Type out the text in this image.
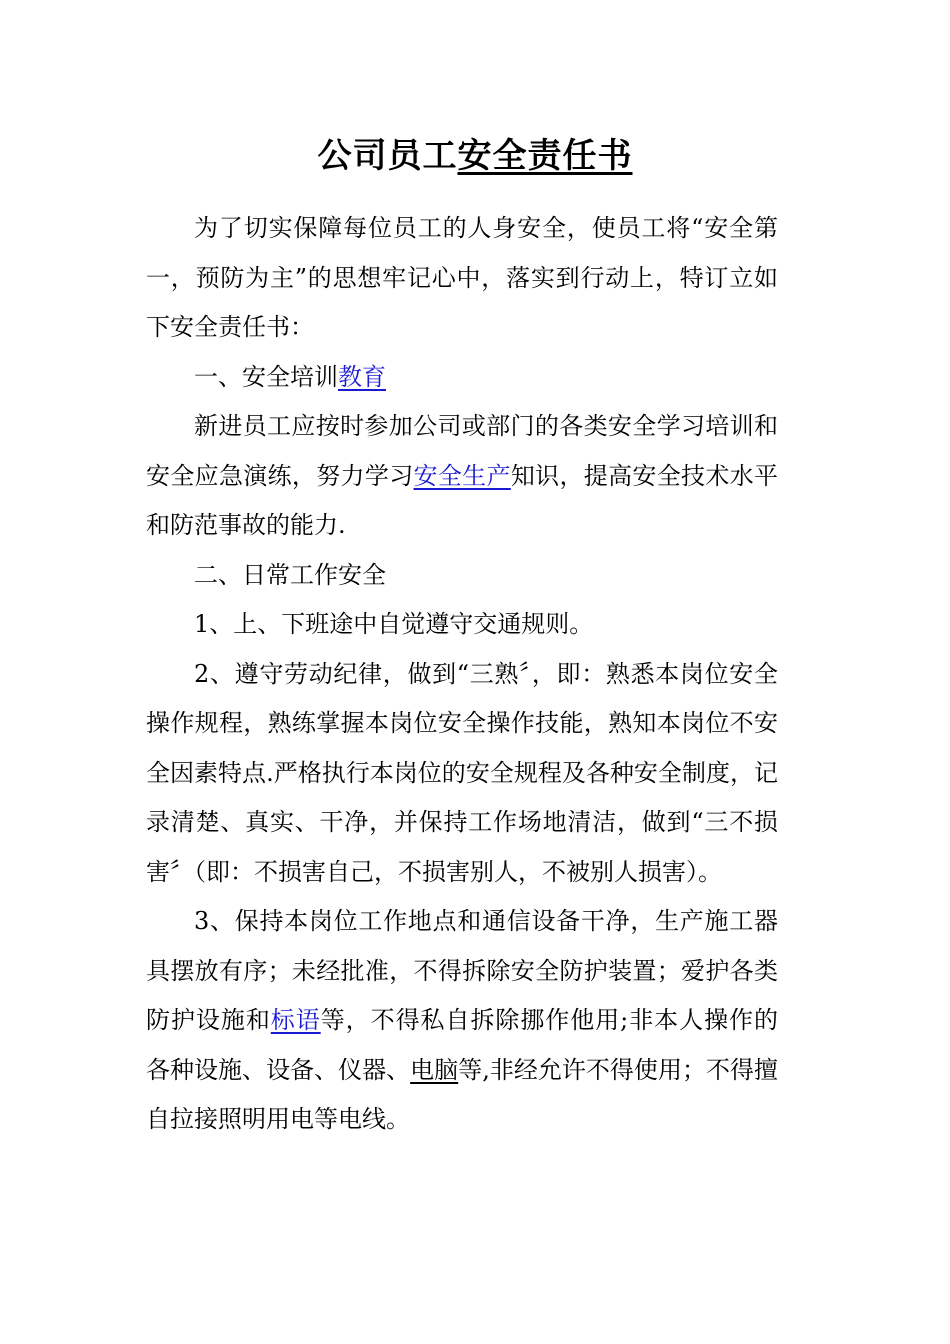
公司员工安全责任书

为了切实保障每位员工的人身安全，使员工将“安全第一，预防为主”的思想牢记心中，落实到行动上，特订立如下安全责任书：

一、安全培训教育

新进员工应按时参加公司或部门的各类安全学习培训和安全应急演练，努力学习安全生产知识，提高安全技术水平和防范事故的能力.

二、日常工作安全

1、上、下班途中自觉遵守交通规则。

2、遵守劳动纪律，做到“三熟〞，即：熟悉本岗位安全操作规程，熟练掌握本岗位安全操作技能，熟知本岗位不安全因素特点.严格执行本岗位的安全规程及各种安全制度，记录清楚、真实、干净，并保持工作场地清洁，做到“三不损害〞（即：不损害自己，不损害别人，不被别人损害）。

3、保持本岗位工作地点和通信设备干净，生产施工器具摆放有序；未经批准，不得拆除安全防护装置；爱护各类防护设施和标语等，不得私自拆除挪作他用;非本人操作的各种设施、设备、仪器、电脑等,非经允许不得使用；不得擅自拉接照明用电等电线。
